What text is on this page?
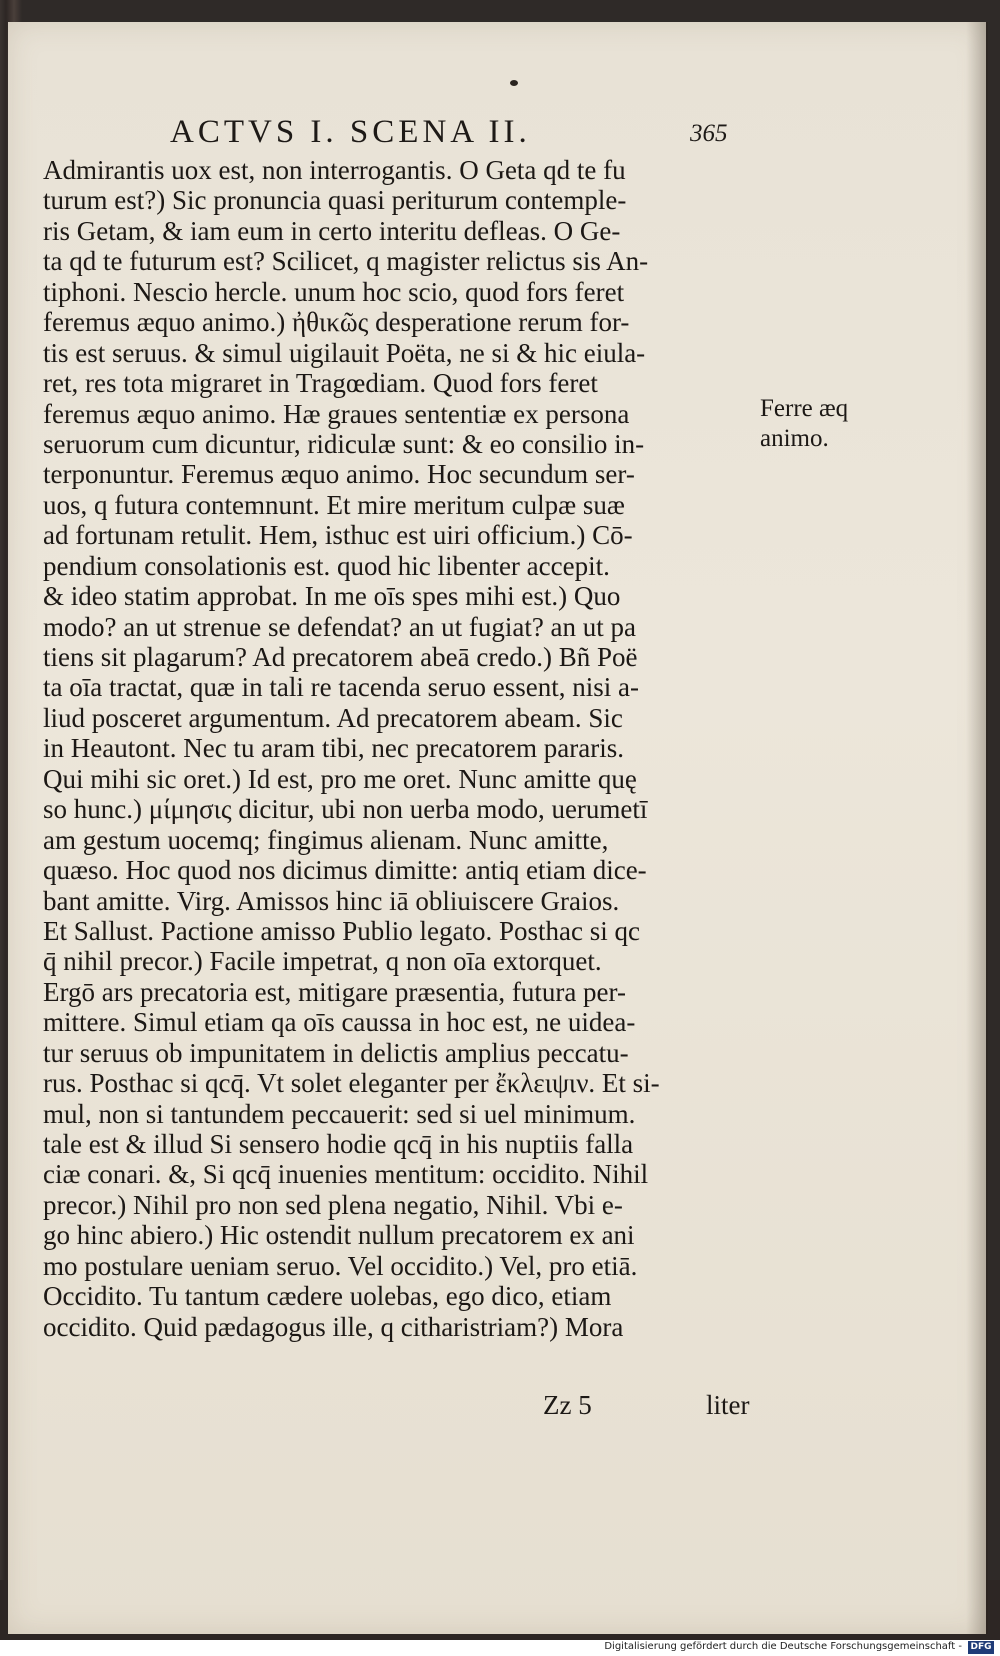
ACTVS I. SCENA II.	365
Admirantis uox est, non interrogantis. O Geta qd te fu
turum est?) Sic pronuncia quasi periturum contemple-
ris Getam, & iam eum in certo interitu defleas. O Ge-
ta qd te futurum est? Scilicet, q magister relictus sis An-
tiphoni. Nescio hercle. unum hoc scio, quod fors feret
feremus æquo animo.) ἠθικῶς desperatione rerum for-
tis est seruus. & simul uigilauit Poëta, ne si & hic eiula-
ret, res tota migraret in Tragœdiam. Quod fors feret
feremus æquo animo. Hæ graues sententiæ ex persona
seruorum cum dicuntur, ridiculæ sunt: & eo consilio in-
terponuntur. Feremus æquo animo. Hoc secundum ser-
uos, q futura contemnunt. Et mire meritum culpæ suæ
ad fortunam retulit. Hem, isthuc est uiri officium.) Cō-
pendium consolationis est. quod hic libenter accepit.
& ideo statim approbat. In me oīs spes mihi est.) Quo
modo? an ut strenue se defendat? an ut fugiat? an ut pa
tiens sit plagarum? Ad precatorem abeā credo.) Bñ Poë
ta oīa tractat, quæ in tali re tacenda seruo essent, nisi a-
liud posceret argumentum. Ad precatorem abeam. Sic
in Heautont. Nec tu aram tibi, nec precatorem pararis.
Qui mihi sic oret.) Id est, pro me oret. Nunc amitte quę
so hunc.) μίμησις dicitur, ubi non uerba modo, uerumetī
am gestum uocemq; fingimus alienam. Nunc amitte,
quæso. Hoc quod nos dicimus dimitte: antiq etiam dice-
bant amitte. Virg. Amissos hinc iā obliuiscere Graios.
Et Sallust. Pactione amisso Publio legato. Posthac si qc
q̄ nihil precor.) Facile impetrat, q non oīa extorquet.
Ergō ars precatoria est, mitigare præsentia, futura per-
mittere. Simul etiam qa oīs caussa in hoc est, ne uidea-
tur seruus ob impunitatem in delictis amplius peccatu-
rus. Posthac si qcq̄. Vt solet eleganter per ἔκλειψιν. Et si-
mul, non si tantundem peccauerit: sed si uel minimum.
tale est & illud Si sensero hodie qcq̄ in his nuptiis falla
ciæ conari. &, Si qcq̄ inuenies mentitum: occidito. Nihil
precor.) Nihil pro non sed plena negatio, Nihil. Vbi e-
go hinc abiero.) Hic ostendit nullum precatorem ex ani
mo postulare ueniam seruo. Vel occidito.) Vel, pro etiā.
Occidito. Tu tantum cædere uolebas, ego dico, etiam
occidito. Quid pædagogus ille, q citharistriam?) Mora
Ferre æq
animo.
Zz 5	liter
Digitalisierung gefördert durch die Deutsche Forschungsgemeinschaft - DFG
